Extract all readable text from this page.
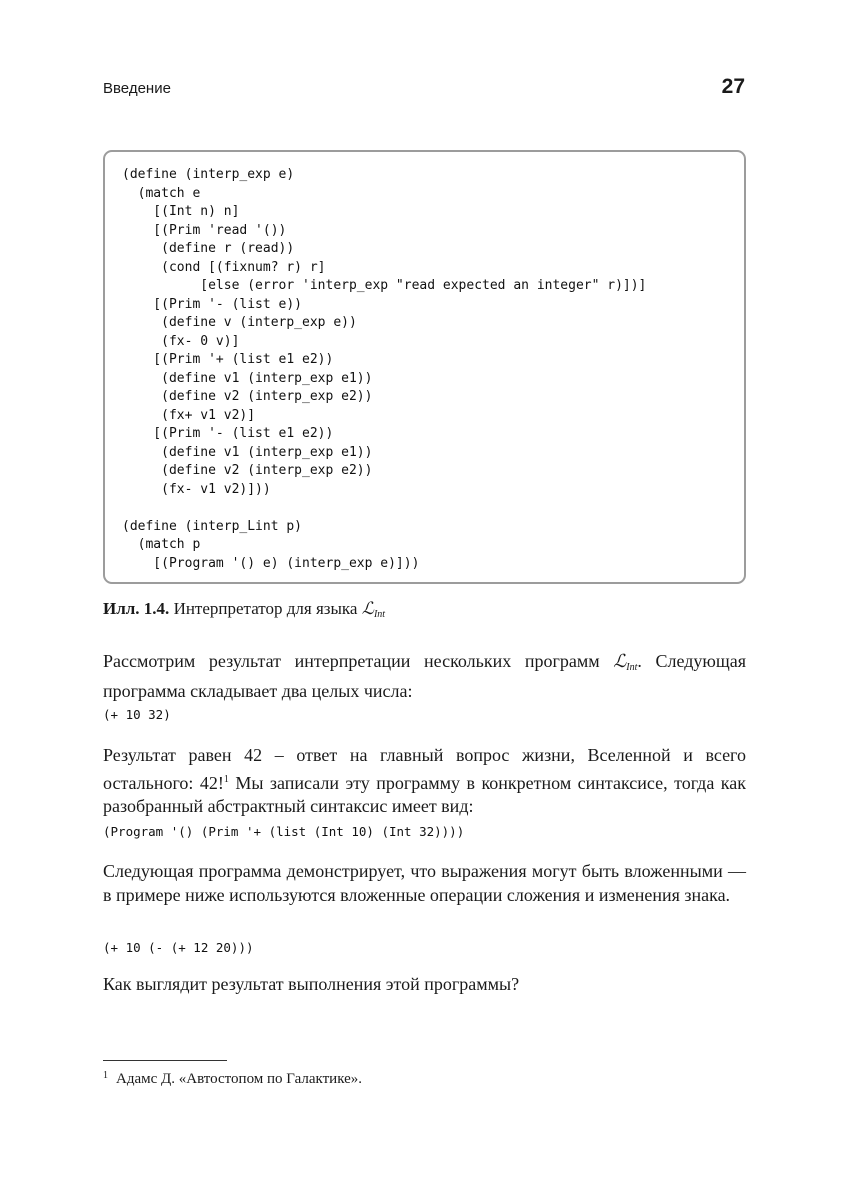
Введение	27
(define (interp_exp e)
(match e
[(Int n) n]
[(Prim 'read '())
(define r (read))
(cond [(fixnum? r) r]
[else (error 'interp_exp "read expected an integer" r)])]
[(Prim '- (list e))
(define v (interp_exp e))
(fx- 0 v)]
[(Prim '+ (list e1 e2))
(define v1 (interp_exp e1))
(define v2 (interp_exp e2))
(fx+ v1 v2)]
[(Prim '- (list e1 e2))
(define v1 (interp_exp e1))
(define v2 (interp_exp e2))
(fx- v1 v2)]))

(define (interp_Lint p)
(match p
[(Program '() e) (interp_exp e)]))
Илл. 1.4. Интерпретатор для языка ℒ$_{Int}$

Рассмотрим результат интерпретации нескольких программ ℒ$_{Int}$. Следующая программа складывает два целых числа:

(+ 10 32)

Результат равен 42 – ответ на главный вопрос жизни, Вселенной и всего остального: 42!$^1$ Мы записали эту программу в конкретном синтаксисе, тогда как разобранный абстрактный синтаксис имеет вид:

(Program '() (Prim '+ (list (Int 10) (Int 32))))

Следующая программа демонстрирует, что выражения могут быть вложенными — в примере ниже используются вложенные операции сложения и изменения знака.

(+ 10 (- (+ 12 20)))

Как выглядит результат выполнения этой программы?

$^1$ Адамс Д. «Автостопом по Галактике».
